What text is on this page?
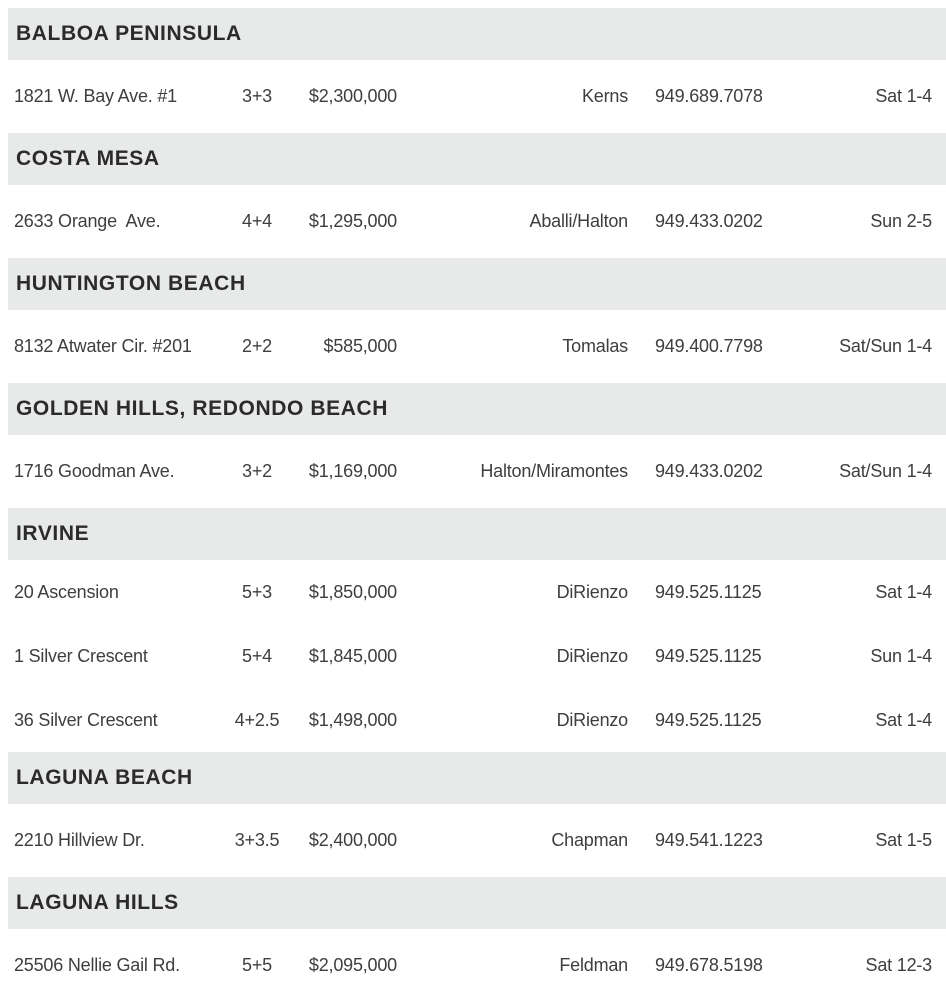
BALBOA PENINSULA
1821 W. Bay Ave. #1	3+3	$2,300,000	Kerns 949.689.7078	Sat 1-4
COSTA MESA
2633 Orange  Ave.	4+4	$1,295,000	Aballi/Halton 949.433.0202	Sun 2-5
HUNTINGTON BEACH
8132 Atwater Cir. #201	2+2	$585,000	Tomalas 949.400.7798	Sat/Sun 1-4
GOLDEN HILLS, REDONDO BEACH
1716 Goodman Ave.	3+2	$1,169,000	Halton/Miramontes 949.433.0202	Sat/Sun 1-4
IRVINE
20 Ascension	5+3	$1,850,000	DiRienzo 949.525.1125	Sat 1-4
1 Silver Crescent	5+4	$1,845,000	DiRienzo 949.525.1125	Sun 1-4
36 Silver Crescent	4+2.5	$1,498,000	DiRienzo 949.525.1125	Sat 1-4
LAGUNA BEACH
2210 Hillview Dr.	3+3.5	$2,400,000	Chapman 949.541.1223	Sat 1-5
LAGUNA HILLS
25506 Nellie Gail Rd.	5+5	$2,095,000	Feldman 949.678.5198	Sat 12-3
